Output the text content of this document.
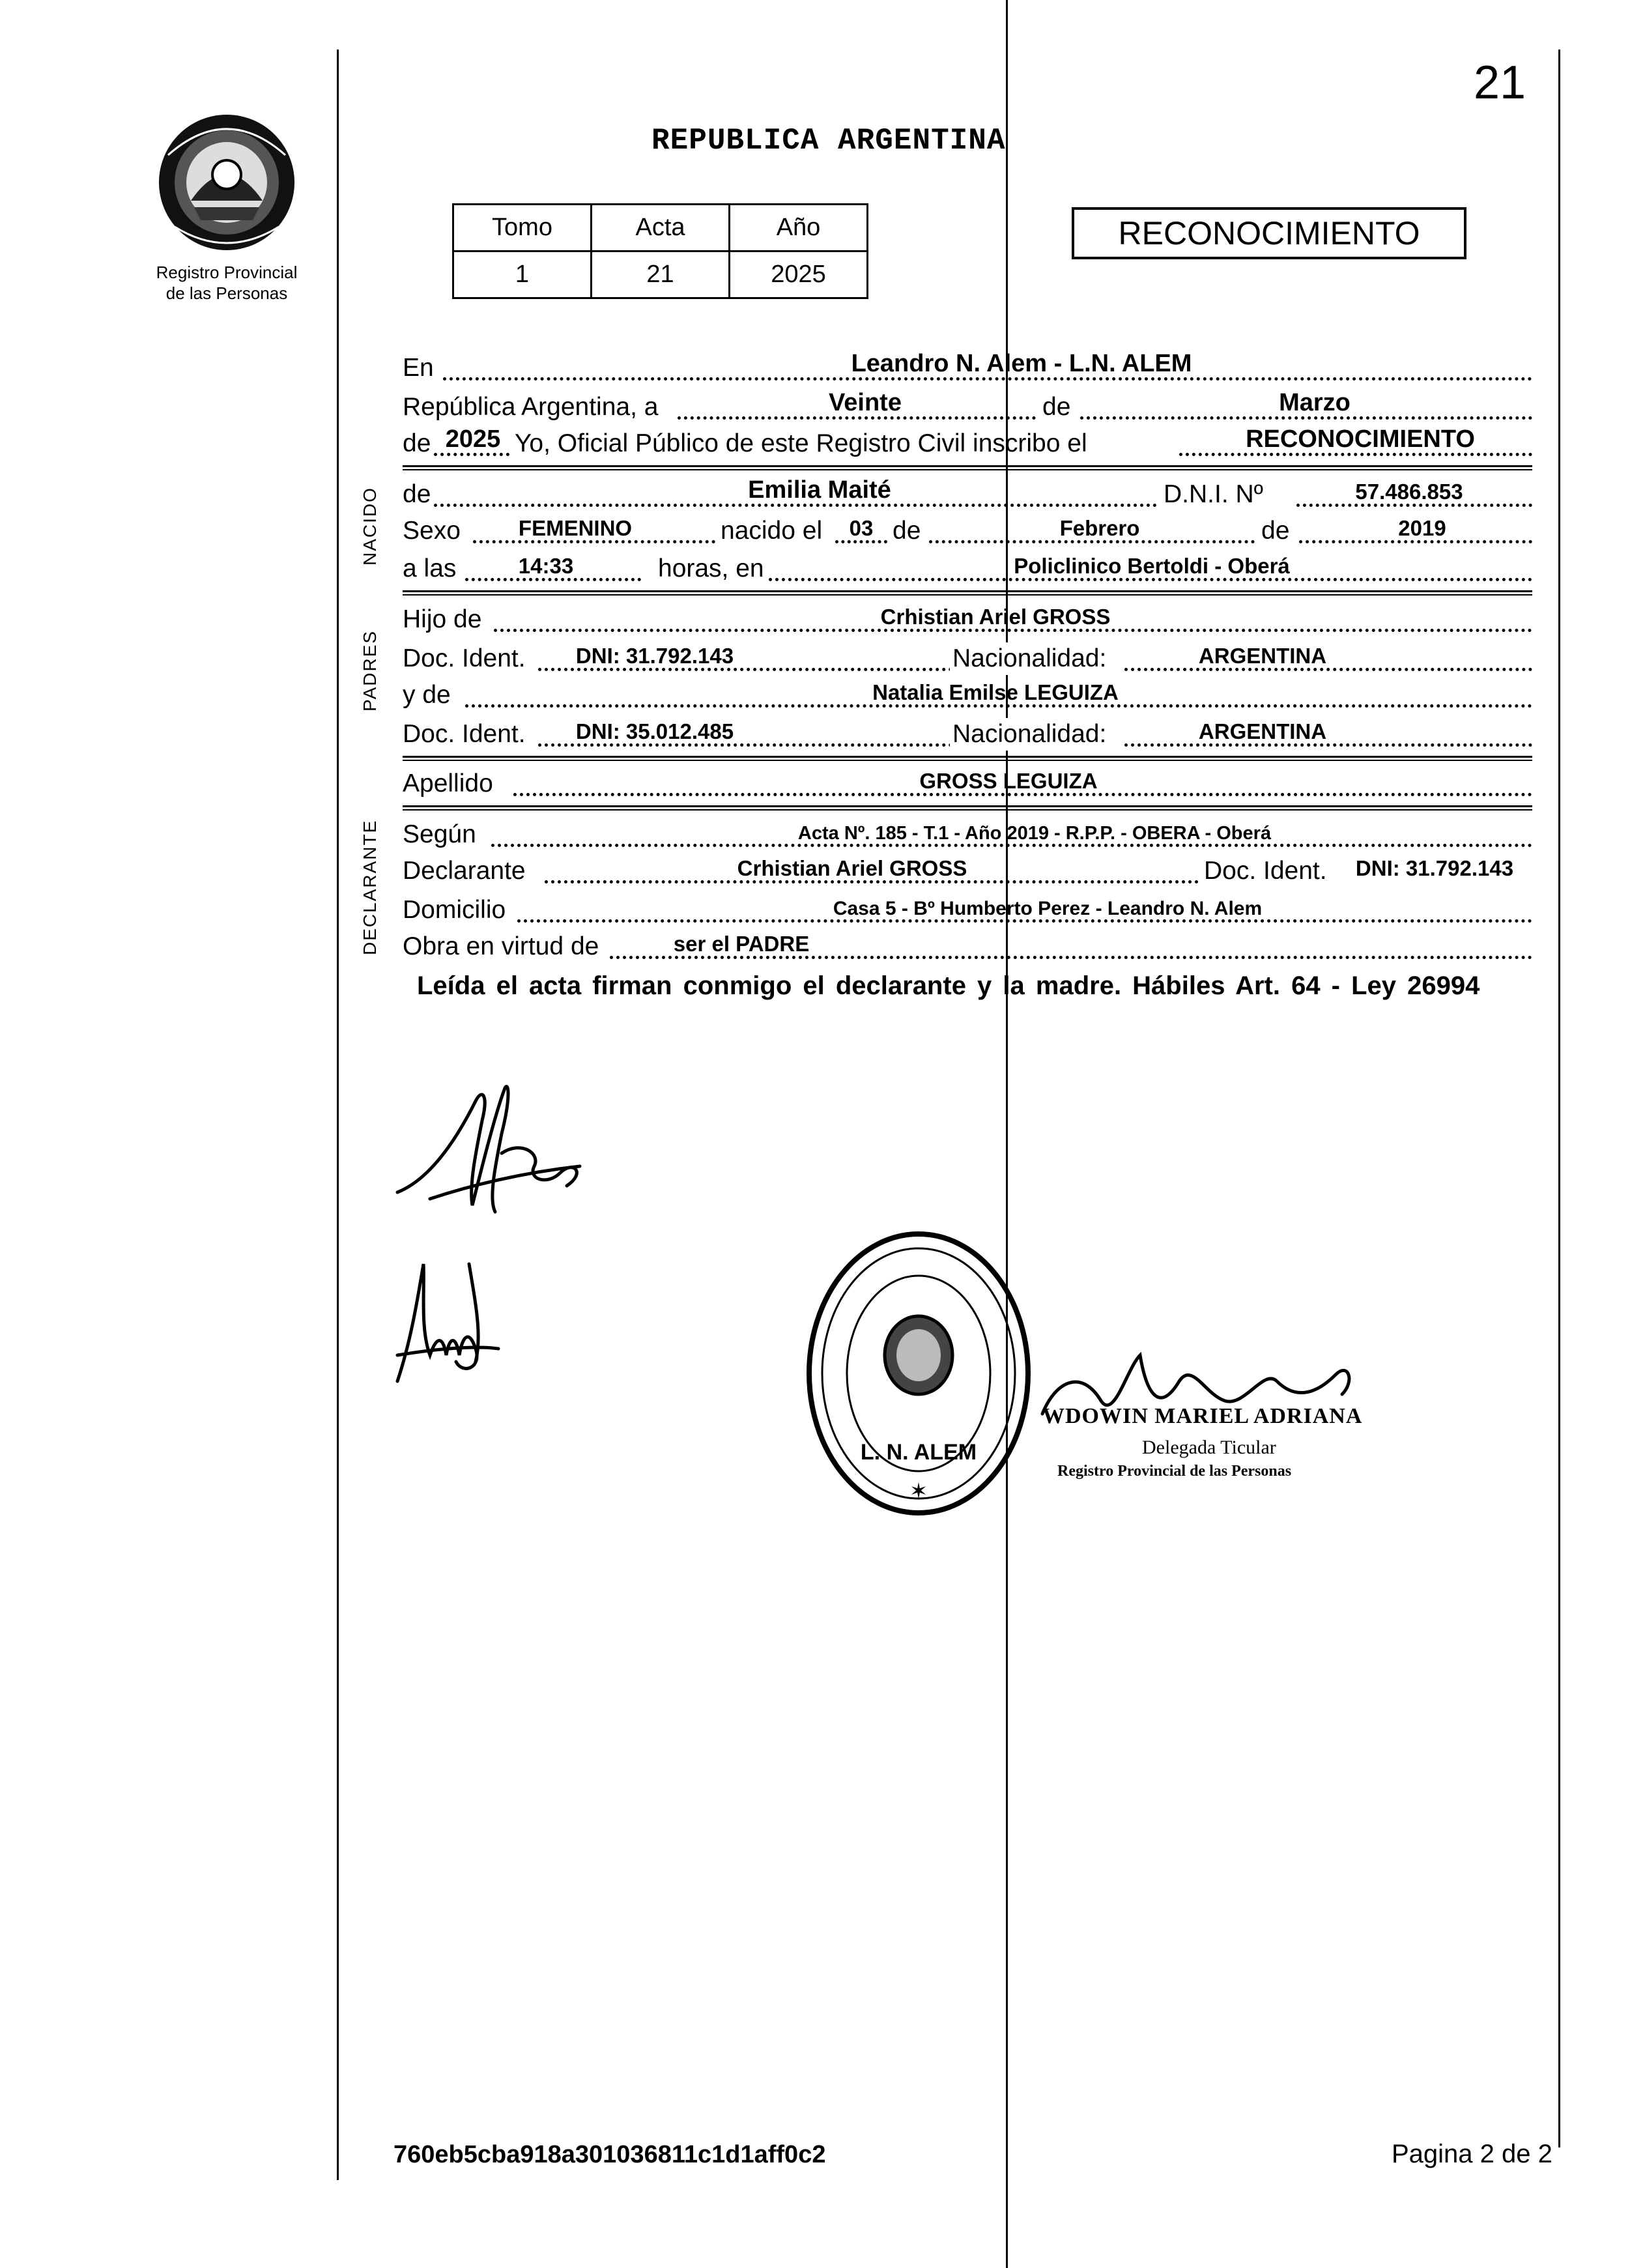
21
Registro Provincial
de las Personas
REPUBLICA ARGENTINA
Tomo	Acta	Año
1	21	2025
RECONOCIMIENTO
En	Leandro N. Alem - L.N. ALEM
República Argentina, a	Veinte	de	Marzo
de 2025 Yo, Oficial Público de este Registro Civil inscribo el	RECONOCIMIENTO
NACIDO de	Emilia Maité	D.N.I. Nº	57.486.853
Sexo	FEMENINO	nacido el	03 de	Febrero	de	2019
a las	14:33	horas, en	Policlinico Bertoldi - Oberá
PADRES
Hijo de	Crhistian Ariel GROSS
Doc. Ident.	DNI: 31.792.143	Nacionalidad:	ARGENTINA
y de	Natalia Emilse LEGUIZA
Doc. Ident.	DNI: 35.012.485	Nacionalidad:	ARGENTINA
Apellido	GROSS LEGUIZA
DECLARANTE Según	Acta Nº. 185 - T.1 - Año 2019 - R.P.P. - OBERA - Oberá
Declarante	Crhistian Ariel GROSS	Doc. Ident.	DNI: 31.792.143
Domicilio	Casa 5 - Bº Humberto Perez - Leandro N. Alem
Obra en virtud de	ser el PADRE
Leída el acta firman conmigo el declarante y la madre. Hábiles Art. 64 - Ley 26994
L. N. ALEM
✶
WDOWIN MARIEL ADRIANA
Delegada Ticular
Registro Provincial de las Personas
760eb5cba918a301036811c1d1aff0c2	Pagina 2 de 2
